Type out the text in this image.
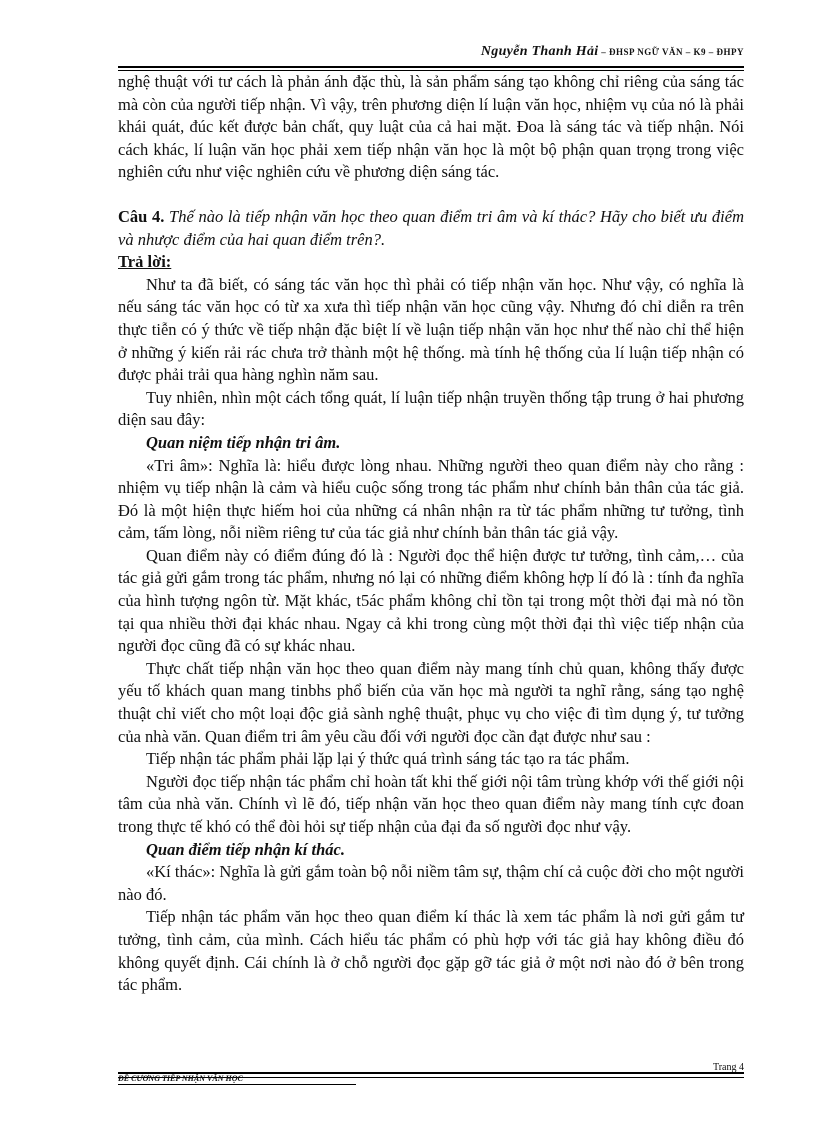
Nguyễn Thanh Hải – ĐHSP NGỮ VĂN – K9 – ĐHPY

nghệ thuật với tư cách là phản ánh đặc thù, là sản phẩm sáng tạo không chỉ riêng của sáng tác mà còn của người tiếp nhận. Vì vậy, trên phương diện lí luận văn học, nhiệm vụ của nó là phải khái quát, đúc kết được bản chất, quy luật của cả hai mặt. Đoa là sáng tác và tiếp nhận. Nói cách khác, lí luận văn học phải xem tiếp nhận văn học là một bộ phận quan trọng trong việc nghiên cứu như việc nghiên cứu về phương diện sáng tác.

Câu 4. Thế nào là tiếp nhận văn học theo quan điểm tri âm và kí thác? Hãy cho biết ưu điểm và nhược điểm của hai quan điểm trên?.

Trả lời:

Như ta đã biết, có sáng tác văn học thì phải có tiếp nhận văn học. Như vậy, có nghĩa là nếu sáng tác văn học có từ xa xưa thì tiếp nhận văn học cũng vậy. Nhưng đó chỉ diễn ra trên thực tiễn có ý thức về tiếp nhận đặc biệt lí về luận tiếp nhận văn học như thế nào chỉ thể hiện ở những ý kiến rải rác chưa trở thành một hệ thống. mà tính hệ thống của lí luận tiếp nhận có được phải trải qua hàng nghìn năm sau.

Tuy nhiên, nhìn một cách tổng quát, lí luận tiếp nhận truyền thống tập trung ở hai phương diện sau đây:

Quan niệm tiếp nhận tri âm.

«Tri âm»: Nghĩa là: hiểu được lòng nhau. Những người theo quan điểm này cho rằng : nhiệm vụ tiếp nhận là cảm và hiểu cuộc sống trong tác phẩm như chính bản thân của tác giả. Đó là một hiện thực hiếm hoi của những cá nhân nhận ra từ tác phẩm những tư tưởng, tình cảm, tấm lòng, nỗi niềm riêng tư của tác giả như chính bản thân tác giả vậy.

Quan điểm này có điểm đúng đó là : Người đọc thể hiện được tư tưởng, tình cảm,… của tác giả gửi gắm trong tác phẩm, nhưng nó lại có những điểm không hợp lí đó là : tính đa nghĩa của hình tượng ngôn từ. Mặt khác, t5ác phẩm không chỉ tồn tại trong một thời đại mà nó tồn tại qua nhiều thời đại khác nhau. Ngay cả khi trong cùng một thời đại thì việc tiếp nhận của người đọc cũng đã có sự khác nhau.

Thực chất tiếp nhận văn học theo quan điểm này mang tính chủ quan, không thấy được yếu tố khách quan mang tinbhs phổ biến của văn học mà người ta nghĩ rằng, sáng tạo nghệ thuật chỉ viết cho một loại độc giả sành nghệ thuật, phục vụ cho việc đi tìm dụng ý, tư tưởng của nhà văn. Quan điểm tri âm yêu cầu đối với người đọc cần đạt được như sau :

Tiếp nhận tác phẩm phải lặp lại ý thức quá trình sáng tác tạo ra tác phẩm.

Người đọc tiếp nhận tác phẩm chỉ hoàn tất khi thế giới nội tâm trùng khớp với thế giới nội tâm của nhà văn. Chính vì lẽ đó, tiếp nhận văn học theo quan điểm này mang tính cực đoan trong thực tế khó có thể đòi hỏi sự tiếp nhận của đại đa số người đọc như vậy.

Quan điểm tiếp nhận kí thác.

«Kí thác»: Nghĩa là gửi gắm toàn bộ nỗi niềm tâm sự, thậm chí cả cuộc đời cho một người nào đó.

Tiếp nhận tác phẩm văn học theo quan điểm kí thác là xem tác phẩm là nơi gửi gắm tư tưởng, tình cảm, của mình. Cách hiểu tác phẩm có phù hợp với tác giả hay không điều đó không quyết định. Cái chính là ở chỗ người đọc gặp gỡ tác giả ở một nơi nào đó ở bên trong tác phẩm.

Trang 4
ĐỀ CƯƠNG TIẾP NHẬN VĂN HỌC
